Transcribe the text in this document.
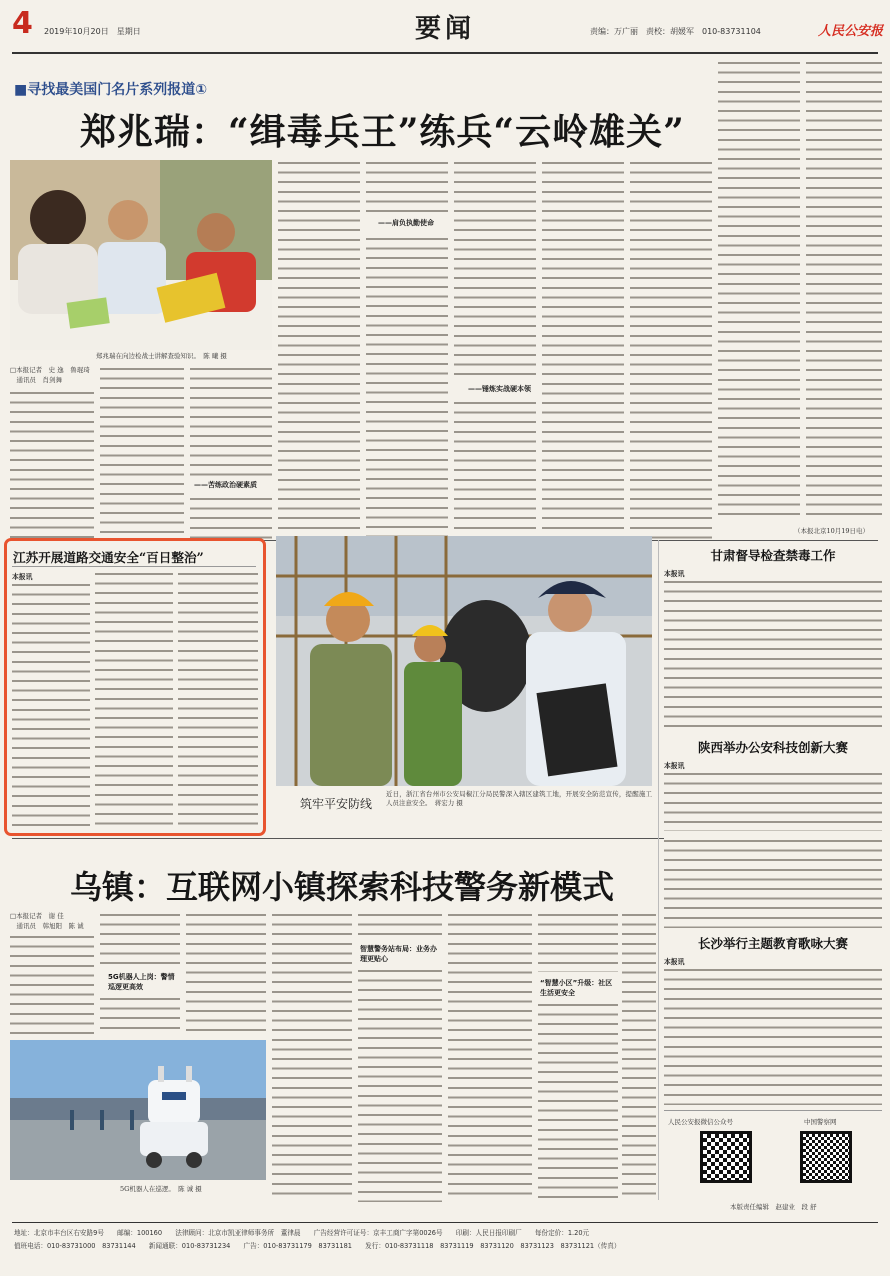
4 2019年10月20日　星期日	要闻	责编：万广丽　责校：胡媛军　010-83731104	人民公安报
■寻找最美国门名片系列报道①
郑兆瑞：“缉毒兵王”练兵“云岭雄关”
郑兆瑞在向边检战士讲解查验知识。　陈 曦 摄
□本报记者　史 逸　鲁琨琦
　通讯员　肖剑舞
——苦练政治硬素质
——肩负执勤使命
——锤炼实战硬本领
（本报北京10月19日电）
江苏开展道路交通安全“百日整治”
本报讯
筑牢平安防线
近日，浙江省台州市公安局椒江分局民警深入辖区建筑工地，开展安全防范宣传，提醒施工人员注意安全。　蒋宏力 摄
甘肃督导检查禁毒工作
本报讯
陕西举办公安科技创新大赛
本报讯
乌镇：互联网小镇探索科技警务新模式
□本报记者　谢 佳
　通讯员　韩旭阳　陈 诚
5G机器人上岗：警情巡逻更高效
智慧警务站布局：业务办理更贴心
“智慧小区”升级：社区生活更安全
5G机器人在巡逻。　陈 诚 摄
长沙举行主题教育歌咏大赛
本报讯
人民公安报微信公众号	中国警察网
本版责任编辑　赵建业　段 舒
地址：北京市丰台区右安路9号　　邮编：100160　　法律顾问：北京市凯亚律师事务所　董律晨　　广告经营许可证号：京丰工商广字第0026号　　印刷：人民日报印刷厂　　每份定价：1.20元
值班电话：010-83731000　83731144　　新闻通联：010-83731234　　广告：010-83731179　83731181　　发行：010-83731118　83731119　83731120　83731123　83731121（传真）
